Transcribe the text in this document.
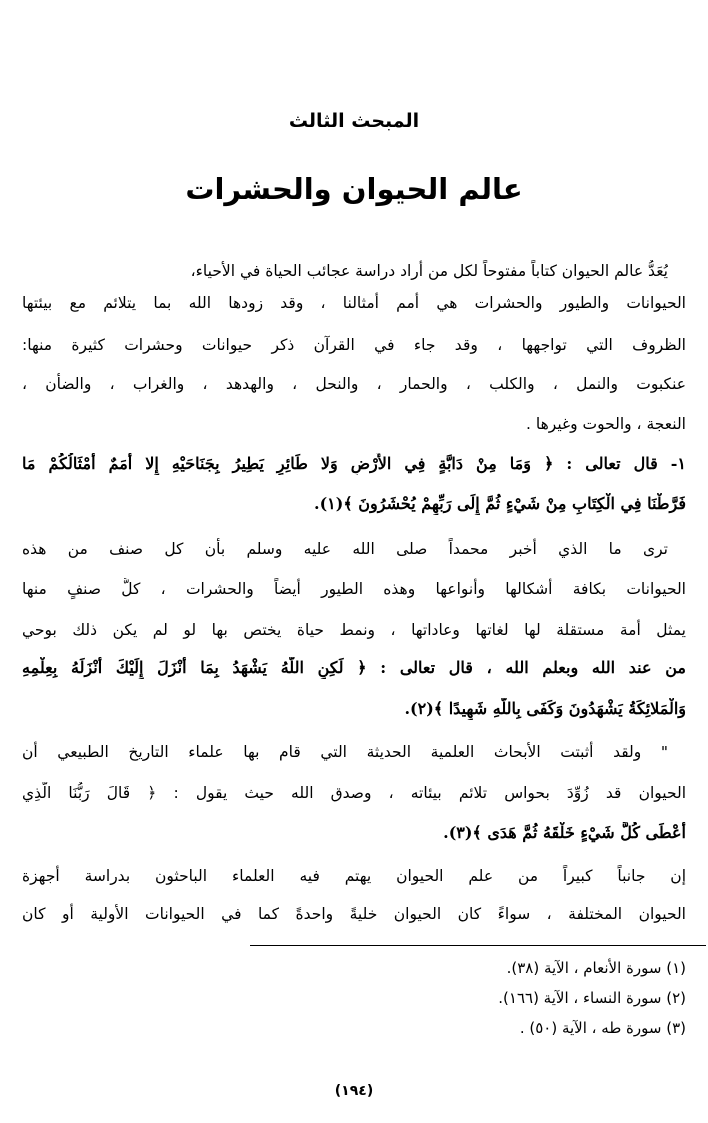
المبحث الثالث
عالم الحيوان والحشرات
يُعَدُّ عالم الحيوان كتاباً مفتوحاً لكل من أراد دراسة عجائب الحياة في الأحياء،
الحيوانات والطيور والحشرات هي أمم أمثالنا ، وقد زودها الله بما يتلائم مع بيئتها
الظروف التي تواجهها ، وقد جاء في القرآن ذكر حيوانات وحشرات كثيرة منها:
عنكبوت والنمل ، والكلب ، والحمار ، والنحل ، والهدهد ، والغراب ، والضأن ،
النعجة ، والحوت وغيرها .
١- قال تعالى : ﴿ وَمَا مِنْ دَابَّةٍ فِي الأَرْضِ وَلا طَائِرٍ يَطِيرُ بِجَنَاحَيْهِ إِلا أُمَمٌ أَمْثَالُكُمْ مَا
فَرَّطْنَا فِي الْكِتَابِ مِنْ شَيْءٍ ثُمَّ إِلَى رَبِّهِمْ يُحْشَرُونَ ﴾(١).
ترى ما الذي أخبر محمداً صلى الله عليه وسلم بأن كل صنف من هذه
الحيوانات بكافة أشكالها وأنواعها وهذه الطيور أيضاً والحشرات ، كلُّ صنفٍ منها
يمثل أمة مستقلة لها لغاتها وعاداتها ، ونمط حياة يختص بها لو لم يكن ذلك بوحي
من عند الله وبعلم الله ، قال تعالى : ﴿ لَكِنِ اللَّهُ يَشْهَدُ بِمَا أَنْزَلَ إِلَيْكَ أَنْزَلَهُ بِعِلْمِهِ
وَالْمَلائِكَةُ يَشْهَدُونَ وَكَفَى بِاللَّهِ شَهِيدًا ﴾(٢).
" ولقد أثبتت الأبحاث العلمية الحديثة التي قام بها علماء التاريخ الطبيعي أن
الحيوان قد زُوِّدَ بحواس تلائم بيئاته ، وصدق الله حيث يقول : ﴿ قَالَ رَبُّنَا الَّذِي
أَعْطَى كُلَّ شَيْءٍ خَلْقَهُ ثُمَّ هَدَى ﴾(٣).
إن جانباً كبيراً من علم الحيوان يهتم فيه العلماء الباحثون بدراسة أجهزة
الحيوان المختلفة ، سواءً كان الحيوان خليةً واحدةً كما في الحيوانات الأولية أو كان
(١) سورة الأنعام ، الآية (٣٨).
(٢) سورة النساء ، الآية (١٦٦).
(٣) سورة طه ، الآية (٥٠) .
(١٩٤)
